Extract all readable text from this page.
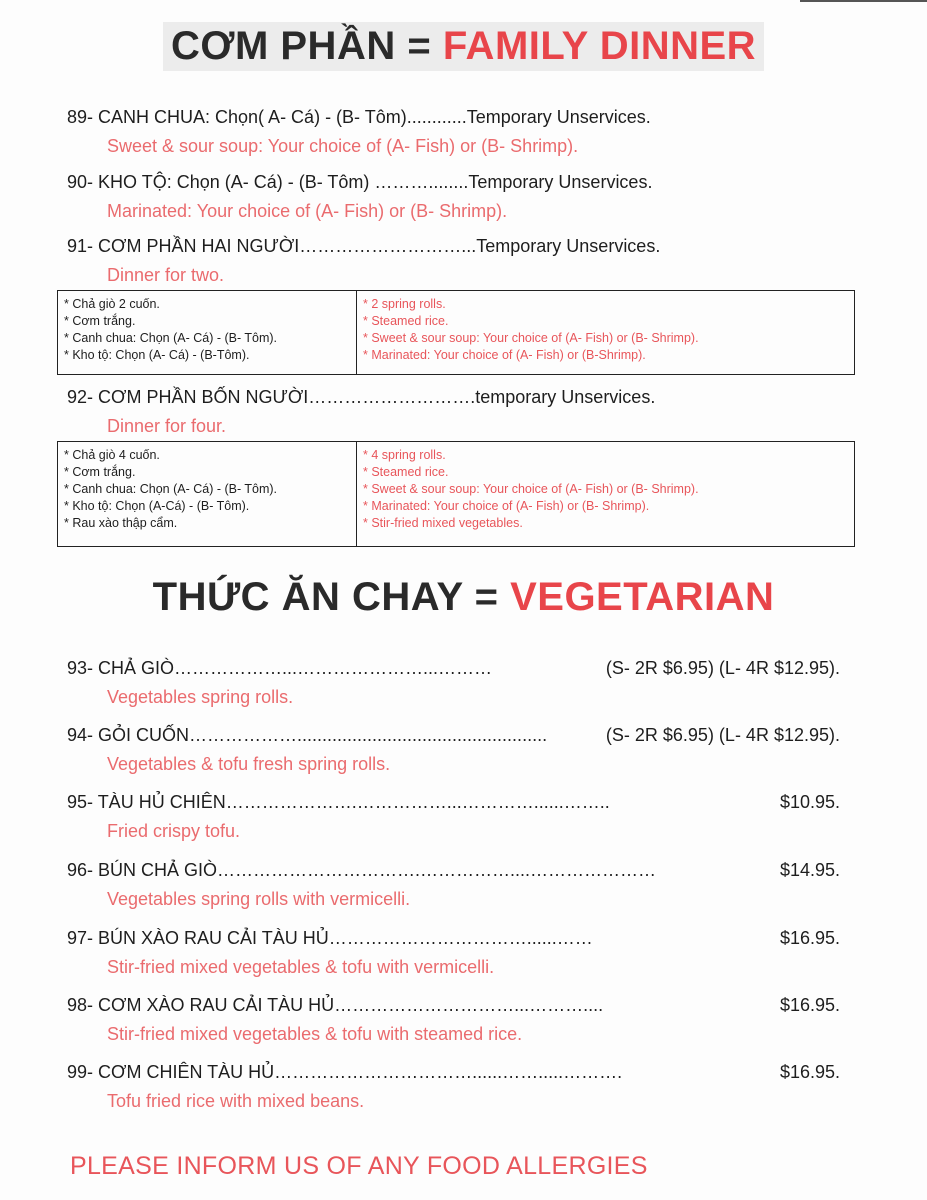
CƠM PHẦN = FAMILY DINNER
89- CANH CHUA: Chọn( A- Cá) - (B- Tôm)............Temporary Unservices.
Sweet & sour soup: Your choice of (A- Fish) or (B- Shrimp).
90- KHO TỘ: Chọn (A- Cá) - (B- Tôm) ………........Temporary Unservices.
Marinated: Your choice of (A- Fish) or (B- Shrimp).
91- CƠM PHẦN HAI NGƯỜI………………………...Temporary Unservices.
Dinner for two.
* Chả giò 2 cuốn.
* Cơm trắng.
* Canh chua: Chọn (A- Cá) - (B- Tôm).
* Kho tộ: Chọn (A- Cá) - (B-Tôm).

* 2 spring rolls.
* Steamed rice.
* Sweet & sour soup: Your choice of (A- Fish) or (B- Shrimp).
* Marinated: Your choice of (A- Fish) or (B-Shrimp).
92- CƠM PHẦN BỐN NGƯỜI……………………….temporary Unservices.
Dinner for four.
* Chả giò 4 cuốn.
* Cơm trắng.
* Canh chua: Chọn (A- Cá) - (B- Tôm).
* Kho tộ: Chọn (A-Cá) - (B- Tôm).
* Rau xào thập cẩm.

* 4 spring rolls.
* Steamed rice.
* Sweet & sour soup: Your choice of (A- Fish) or (B- Shrimp).
* Marinated: Your choice of (A- Fish) or (B- Shrimp).
* Stir-fried mixed vegetables.
THỨC ĂN CHAY = VEGETARIAN
93- CHẢ GIÒ………………...…………………...………	(S- 2R $6.95) (L- 4R $12.95).
Vegetables spring rolls.
94- GỎI CUỐN………………..................................................	(S- 2R $6.95) (L- 4R $12.95).
Vegetables & tofu fresh spring rolls.
95- TÀU HỦ CHIÊN………………….……………...…………......……..	$10.95.
Fried crispy tofu.
96- BÚN CHẢ GIÒ…………………………….……………....…………………	$14.95.
Vegetables spring rolls with vermicelli.
97- BÚN XÀO RAU CẢI TÀU HỦ……………………………......……	$16.95.
Stir-fried mixed vegetables & tofu with vermicelli.
98- CƠM XÀO RAU CẢI TÀU HỦ…………………………...………....	$16.95.
Stir-fried mixed vegetables & tofu with steamed rice.
99- CƠM CHIÊN TÀU HỦ……………………………......…….....……….	$16.95.
Tofu fried rice with mixed beans.
PLEASE INFORM US OF ANY FOOD ALLERGIES
